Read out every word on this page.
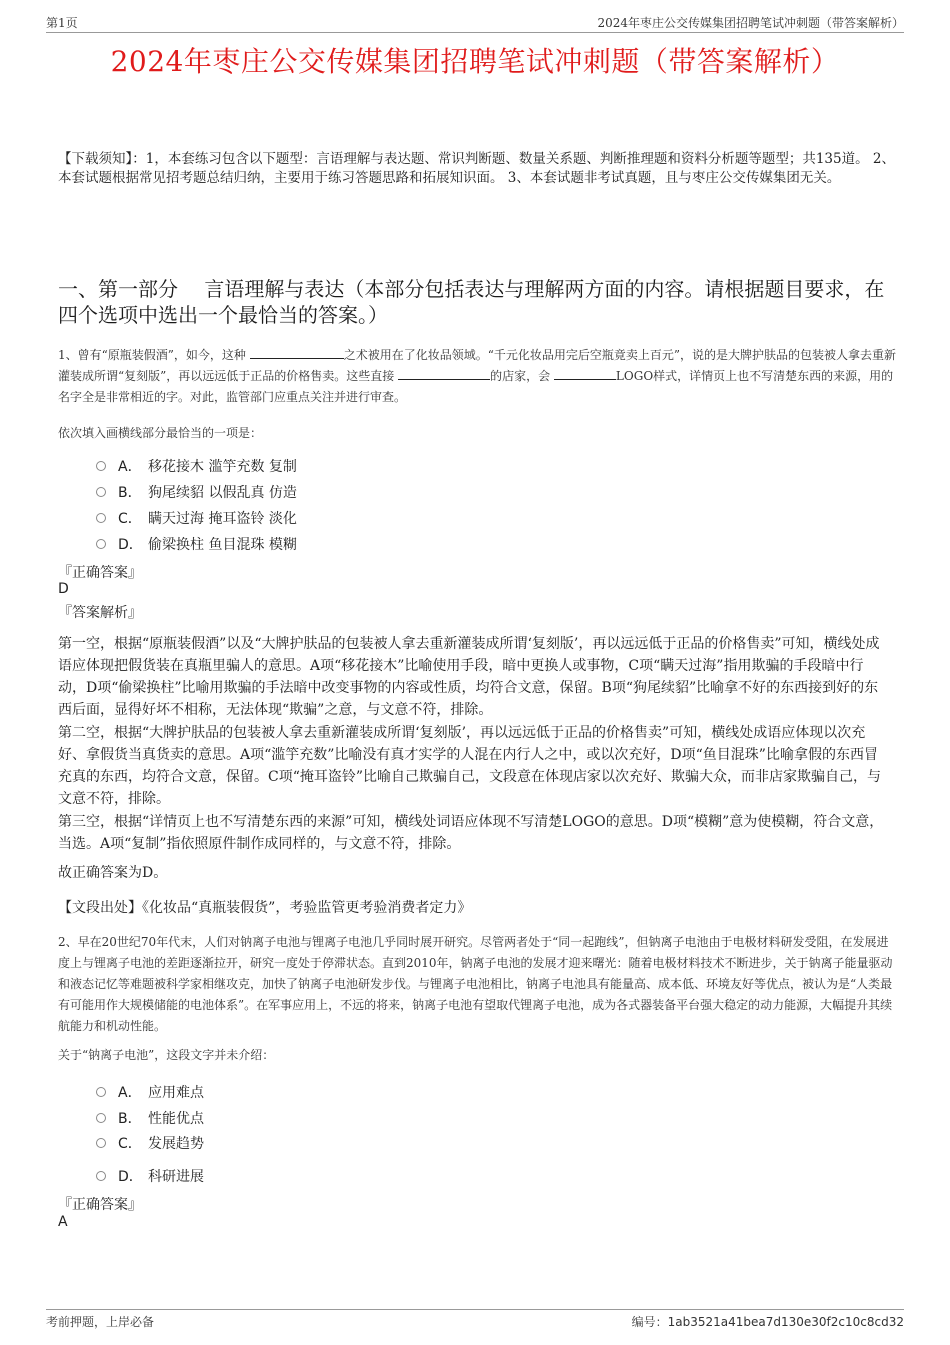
第1页	2024年枣庄公交传媒集团招聘笔试冲刺题（带答案解析）
2024年枣庄公交传媒集团招聘笔试冲刺题（带答案解析）
【下载须知】：1，本套练习包含以下题型：言语理解与表达题、常识判断题、数量关系题、判断推理题和资料分析题等题型；共135道。 2、本套试题根据常见招考题总结归纳，主要用于练习答题思路和拓展知识面。 3、本套试题非考试真题，且与枣庄公交传媒集团无关。
一、第一部分　 言语理解与表达（本部分包括表达与理解两方面的内容。请根据题目要求，在四个选项中选出一个最恰当的答案。）
1、曾有“原瓶装假酒”，如今，这种	之术被用在了化妆品领域。“千元化妆品用完后空瓶竟卖上百元”，说的是大牌护肤品的包装被人拿去重新灌装成所谓“复刻版”，再以远远低于正品的价格售卖。这些直接	的店家，会	LOGO样式，详情页上也不写清楚东西的来源，用的名字全是非常相近的字。对此，监管部门应重点关注并进行审查。
依次填入画横线部分最恰当的一项是：
A． 移花接木 滥竽充数 复制
B． 狗尾续貂 以假乱真 仿造
C． 瞒天过海 掩耳盗铃 淡化
D． 偷梁换柱 鱼目混珠 模糊
『正确答案』
D
『答案解析』
第一空，根据“原瓶装假酒”以及“大牌护肤品的包装被人拿去重新灌装成所谓‘复刻版’，再以远远低于正品的价格售卖”可知，横线处成语应体现把假货装在真瓶里骗人的意思。A项“移花接木”比喻使用手段，暗中更换人或事物，C项“瞒天过海”指用欺骗的手段暗中行动，D项“偷梁换柱”比喻用欺骗的手法暗中改变事物的内容或性质，均符合文意，保留。B项“狗尾续貂”比喻拿不好的东西接到好的东西后面，显得好坏不相称，无法体现“欺骗”之意，与文意不符，排除。
第二空，根据“大牌护肤品的包装被人拿去重新灌装成所谓‘复刻版’，再以远远低于正品的价格售卖”可知，横线处成语应体现以次充好、拿假货当真货卖的意思。A项“滥竽充数”比喻没有真才实学的人混在内行人之中，或以次充好，D项“鱼目混珠”比喻拿假的东西冒充真的东西，均符合文意，保留。C项“掩耳盗铃”比喻自己欺骗自己，文段意在体现店家以次充好、欺骗大众，而非店家欺骗自己，与文意不符，排除。
第三空，根据“详情页上也不写清楚东西的来源”可知，横线处词语应体现不写清楚LOGO的意思。D项“模糊”意为使模糊，符合文意，当选。A项“复制”指依照原件制作成同样的，与文意不符，排除。
故正确答案为D。
【文段出处】《化妆品“真瓶装假货”，考验监管更考验消费者定力》
2、早在20世纪70年代末，人们对钠离子电池与锂离子电池几乎同时展开研究。尽管两者处于“同一起跑线”，但钠离子电池由于电极材料研发受阻，在发展进度上与锂离子电池的差距逐渐拉开，研究一度处于停滞状态。直到2010年，钠离子电池的发展才迎来曙光：随着电极材料技术不断进步，关于钠离子能量驱动和液态记忆等难题被科学家相继攻克，加快了钠离子电池研发步伐。与锂离子电池相比，钠离子电池具有能量高、成本低、环境友好等优点，被认为是“人类最有可能用作大规模储能的电池体系”。在军事应用上，不远的将来，钠离子电池有望取代锂离子电池，成为各式器装备平台强大稳定的动力能源，大幅提升其续航能力和机动性能。
关于“钠离子电池”，这段文字并未介绍：
A． 应用难点
B． 性能优点
C． 发展趋势
D． 科研进展
『正确答案』
A
考前押题，上岸必备	编号：1ab3521a41bea7d130e30f2c10c8cd32
